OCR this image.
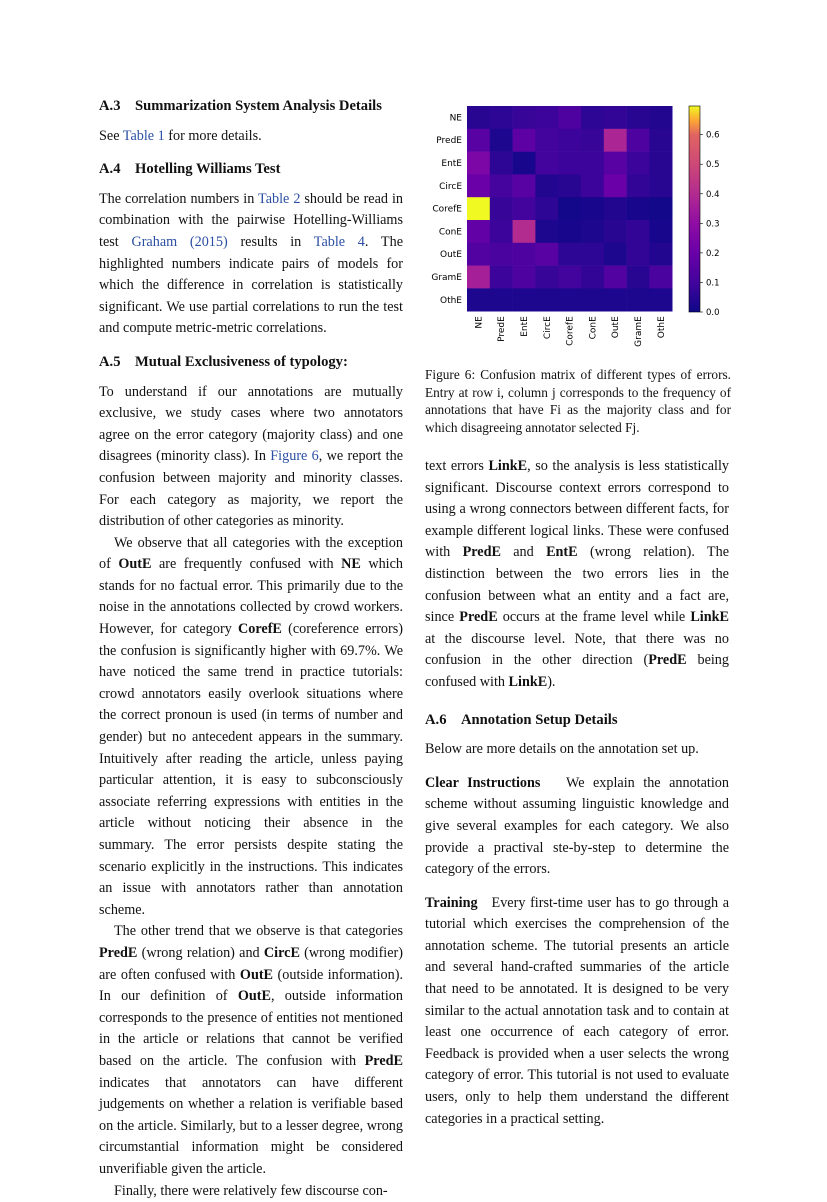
A.3 Summarization System Analysis Details

See Table 1 for more details.

A.4 Hotelling Williams Test

The correlation numbers in Table 2 should be read in combination with the pairwise Hotelling-Williams test Graham (2015) results in Table 4. The highlighted numbers indicate pairs of models for which the difference in correlation is statistically significant. We use partial correlations to run the test and compute metric-metric correlations.

A.5 Mutual Exclusiveness of typology:

To understand if our annotations are mutually exclusive, we study cases where two annotators agree on the error category (majority class) and one disagrees (minority class). In Figure 6, we report the confusion between majority and minority classes. For each category as majority, we report the distribution of other categories as minority.

We observe that all categories with the exception of OutE are frequently confused with NE which stands for no factual error. This primarily due to the noise in the annotations collected by crowd workers. However, for category CorefE (coreference errors) the confusion is significantly higher with 69.7%. We have noticed the same trend in practice tutorials: crowd annotators easily overlook situations where the correct pronoun is used (in terms of number and gender) but no antecedent appears in the summary. Intuitively after reading the article, unless paying particular attention, it is easy to subconsciously associate referring expressions with entities in the article without noticing their absence in the summary. The error persists despite stating the scenario explicitly in the instructions. This indicates an issue with annotators rather than annotation scheme.

The other trend that we observe is that categories PredE (wrong relation) and CircE (wrong modifier) are often confused with OutE (outside information). In our definition of OutE, outside information corresponds to the presence of entities not mentioned in the article or relations that cannot be verified based on the article. The confusion with PredE indicates that annotators can have different judgements on whether a relation is verifiable based on the article. Similarly, but to a lesser degree, wrong circumstantial information might be considered unverifiable given the article.

Finally, there were relatively few discourse con-

NE
PredE
EntE
CircE
CorefE
ConE
OutE
GramE
OthE
NE PredE EntE CircE CorefE ConE OutE GramE OthE
0.0
0.1
0.2
0.3
0.4
0.5
0.6
Figure 6: Confusion matrix of different types of errors. Entry at row i, column j corresponds to the frequency of annotations that have Fi as the majority class and for which disagreeing annotator selected Fj.

text errors LinkE, so the analysis is less statistically significant. Discourse context errors correspond to using a wrong connectors between different facts, for example different logical links. These were confused with PredE and EntE (wrong relation). The distinction between the two errors lies in the confusion between what an entity and a fact are, since PredE occurs at the frame level while LinkE at the discourse level. Note, that there was no confusion in the other direction (PredE being confused with LinkE).

A.6 Annotation Setup Details

Below are more details on the annotation set up.

Clear Instructions We explain the annotation scheme without assuming linguistic knowledge and give several examples for each category. We also provide a practival ste-by-step to determine the category of the errors.

Training Every first-time user has to go through a tutorial which exercises the comprehension of the annotation scheme. The tutorial presents an article and several hand-crafted summaries of the article that need to be annotated. It is designed to be very similar to the actual annotation task and to contain at least one occurrence of each category of error. Feedback is provided when a user selects the wrong category of error. This tutorial is not used to evaluate users, only to help them understand the different categories in a practical setting.
